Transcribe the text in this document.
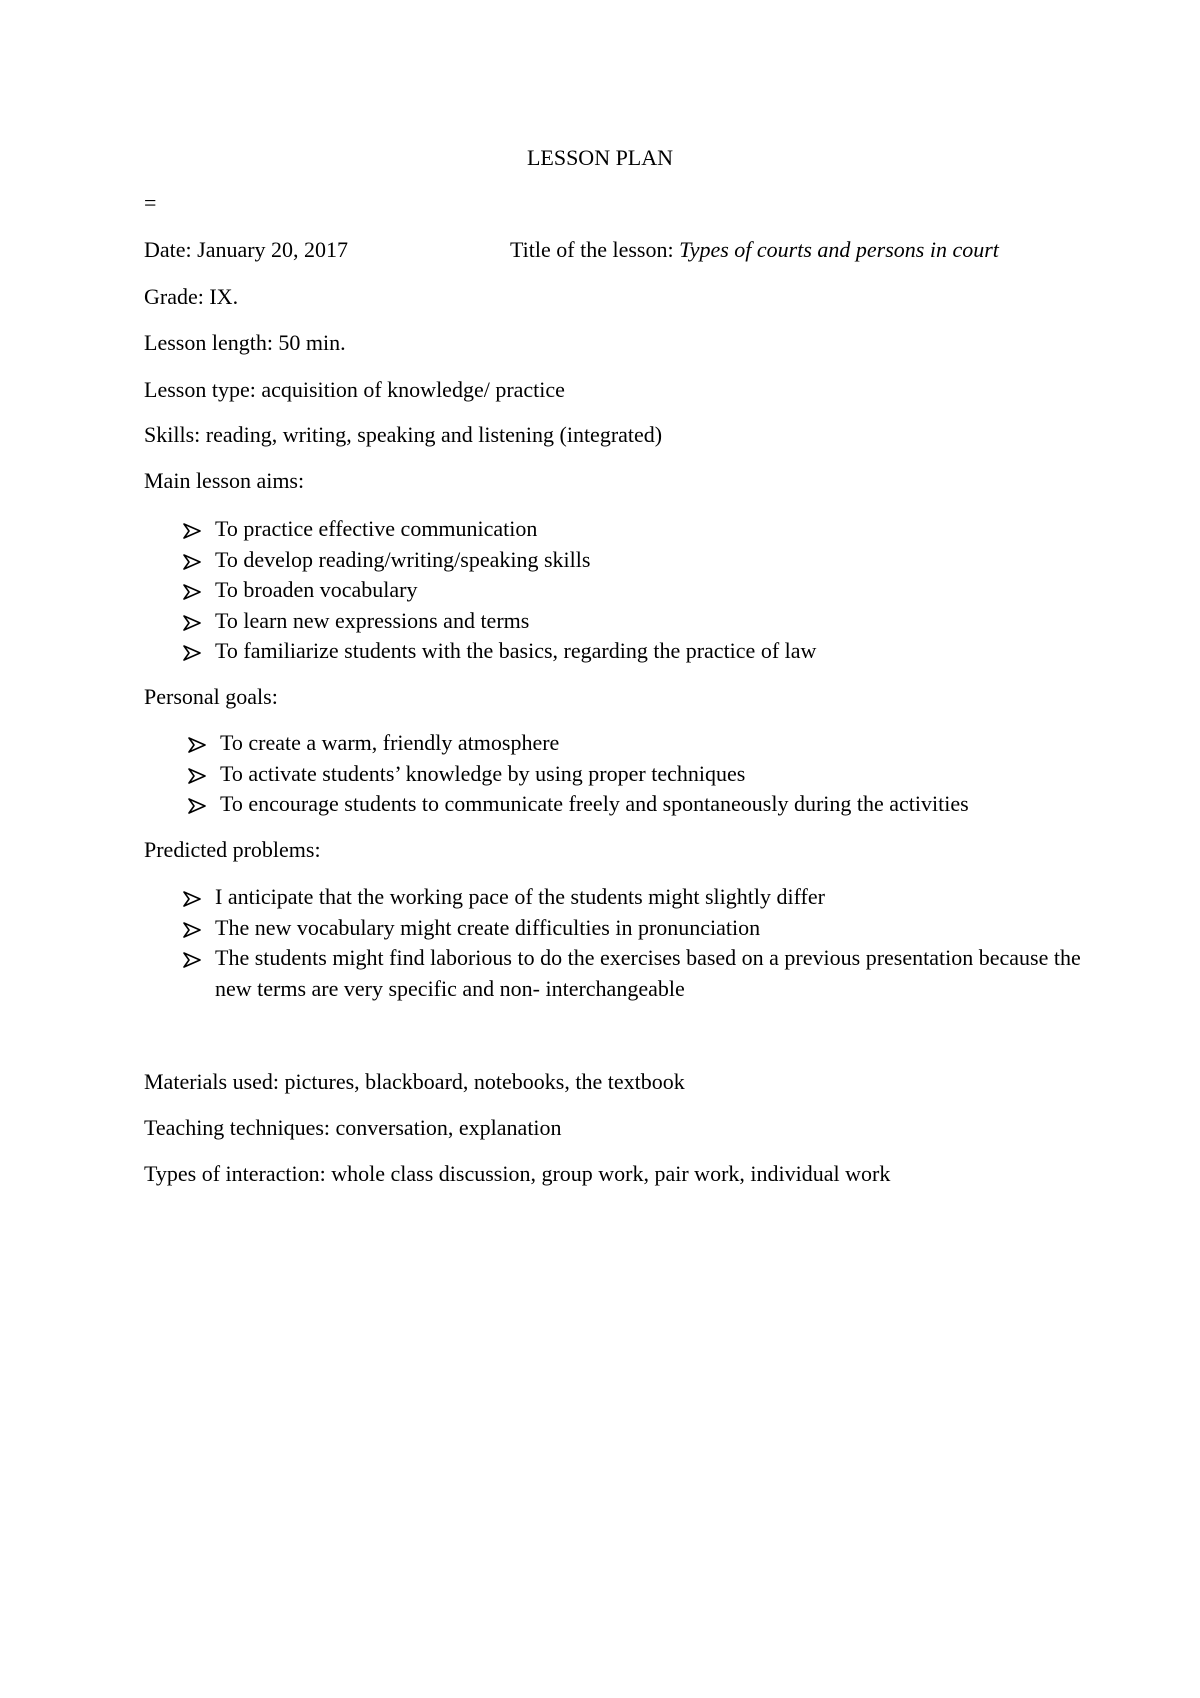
LESSON PLAN
=
Date: January 20, 2017	Title of the lesson: Types of courts and persons in court
Grade: IX.
Lesson length: 50 min.
Lesson type: acquisition of knowledge/ practice
Skills: reading, writing, speaking and listening (integrated)
Main lesson aims:
To practice effective communication
To develop reading/writing/speaking skills
To broaden vocabulary
To learn new expressions and terms
To familiarize students with the basics, regarding the practice of law
Personal goals:
To create a warm, friendly atmosphere
To activate students’ knowledge by using proper techniques
To encourage students to communicate freely and spontaneously during the activities
Predicted problems:
I anticipate that the working pace of the students might slightly differ
The new vocabulary might create difficulties in pronunciation
The students might find laborious to do the exercises based on a previous presentation because the new terms are very specific and non- interchangeable
Materials used: pictures, blackboard, notebooks, the textbook
Teaching techniques: conversation, explanation
Types of interaction: whole class discussion, group work, pair work, individual work
